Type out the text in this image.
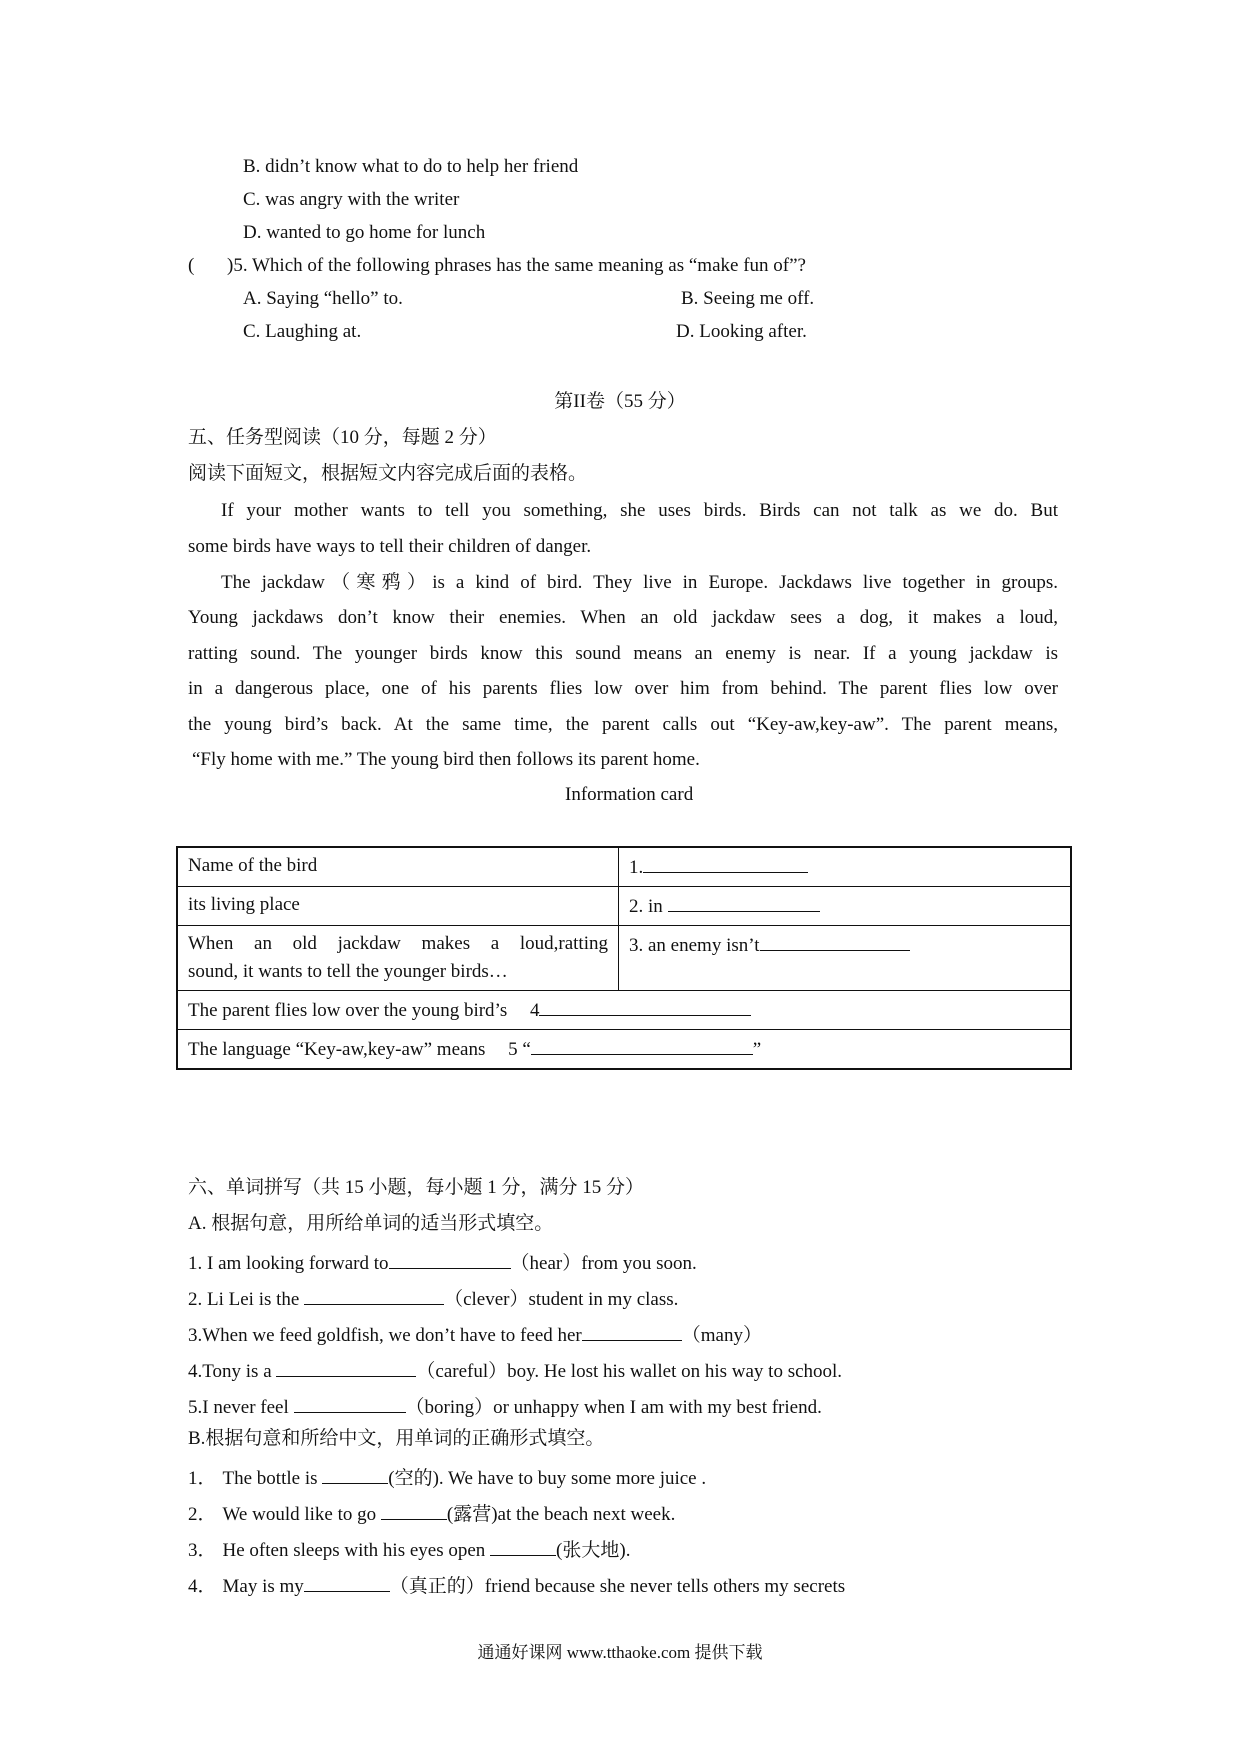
B. didn’t know what to do to help her friend
C. was angry with the writer
D. wanted to go home for lunch
( )5. Which of the following phrases has the same meaning as “make fun of”?
A. Saying “hello” to.	B. Seeing me off.
C. Laughing at.	D. Looking after.
第II卷（55 分）
五、任务型阅读（10 分，每题 2 分）
阅读下面短文，根据短文内容完成后面的表格。
If your mother wants to tell you something, she uses birds. Birds can not talk as we do. But
some birds have ways to tell their children of danger.
The jackdaw（寒鸦）is a kind of bird. They live in Europe. Jackdaws live together in groups.
Young jackdaws don’t know their enemies. When an old jackdaw sees a dog, it makes a loud,
ratting sound. The younger birds know this sound means an enemy is near. If a young jackdaw is
in a dangerous place, one of his parents flies low over him from behind. The parent flies low over
the young bird’s back. At the same time, the parent calls out “Key-aw,key-aw”. The parent means,
“Fly home with me.” The young bird then follows its parent home.
Information card
Name of the bird	1.
its living place	2. in

When an old jackdaw makes a loud,ratting
sound, it wants to tell the younger birds…	3. an enemy isn’t
The parent flies low over the young bird’s 4	
The language “Key-aw,key-aw” means 5 “ ”	
六、单词拼写（共 15 小题，每小题 1 分，满分 15 分）
A. 根据句意，用所给单词的适当形式填空。
1. I am looking forward to	（hear）from you soon.
2. Li Lei is the	（clever）student in my class.
3.When we feed goldfish, we don’t have to feed her	（many）
4.Tony is a	（careful）boy. He lost his wallet on his way to school.
5.I never feel	（boring）or unhappy when I am with my best friend.
B.根据句意和所给中文，用单词的正确形式填空。
1． The bottle is	(空的). We have to buy some more juice .
2． We would like to go	(露营)at the beach next week.
3． He often sleeps with his eyes open	(张大地).
4． May is my	（真正的）friend because she never tells others my secrets
通通好课网 www.tthaoke.com 提供下载
